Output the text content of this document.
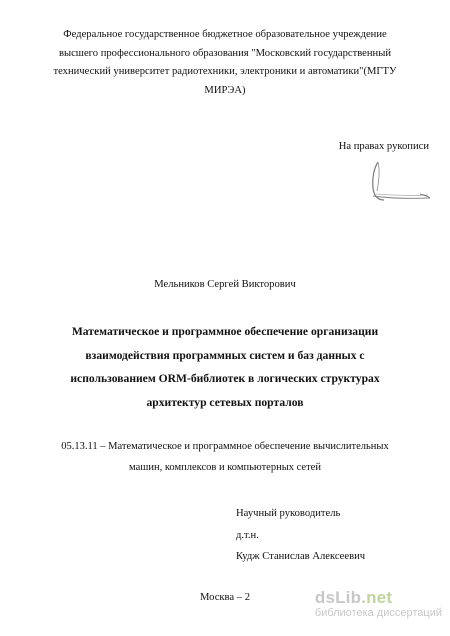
Федеральное государственное бюджетное образовательное учреждение
высшего профессионального образования "Московский государственный
технический университет радиотехники, электроники и автоматики"(МГТУ
МИРЭА)
На правах рукописи
Мельников Сергей Викторович
Математическое и программное обеспечение организации
взаимодействия программных систем и баз данных с
использованием ORM-библиотек в логических структурах
архитектур сетевых порталов
05.13.11 – Математическое и программное обеспечение вычислительных
машин, комплексов и компьютерных сетей
Научный руководитель
д.т.н.
Кудж Станислав Алексеевич
Москва – 2	dsLib.net
библиотека диссертаций
